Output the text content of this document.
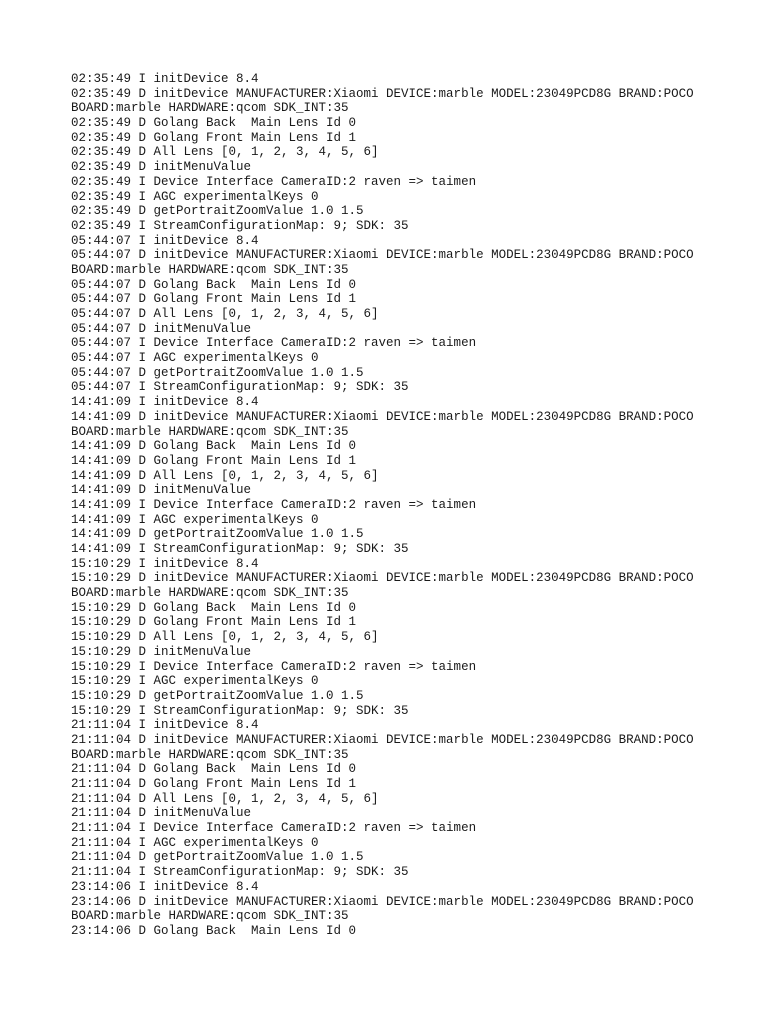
02:35:49 I initDevice 8.4
02:35:49 D initDevice MANUFACTURER:Xiaomi DEVICE:marble MODEL:23049PCD8G BRAND:POCO
BOARD:marble HARDWARE:qcom SDK_INT:35
02:35:49 D Golang Back  Main Lens Id 0
02:35:49 D Golang Front Main Lens Id 1
02:35:49 D All Lens [0, 1, 2, 3, 4, 5, 6]
02:35:49 D initMenuValue
02:35:49 I Device Interface CameraID:2 raven => taimen
02:35:49 I AGC experimentalKeys 0
02:35:49 D getPortraitZoomValue 1.0 1.5
02:35:49 I StreamConfigurationMap: 9; SDK: 35
05:44:07 I initDevice 8.4
05:44:07 D initDevice MANUFACTURER:Xiaomi DEVICE:marble MODEL:23049PCD8G BRAND:POCO
BOARD:marble HARDWARE:qcom SDK_INT:35
05:44:07 D Golang Back  Main Lens Id 0
05:44:07 D Golang Front Main Lens Id 1
05:44:07 D All Lens [0, 1, 2, 3, 4, 5, 6]
05:44:07 D initMenuValue
05:44:07 I Device Interface CameraID:2 raven => taimen
05:44:07 I AGC experimentalKeys 0
05:44:07 D getPortraitZoomValue 1.0 1.5
05:44:07 I StreamConfigurationMap: 9; SDK: 35
14:41:09 I initDevice 8.4
14:41:09 D initDevice MANUFACTURER:Xiaomi DEVICE:marble MODEL:23049PCD8G BRAND:POCO
BOARD:marble HARDWARE:qcom SDK_INT:35
14:41:09 D Golang Back  Main Lens Id 0
14:41:09 D Golang Front Main Lens Id 1
14:41:09 D All Lens [0, 1, 2, 3, 4, 5, 6]
14:41:09 D initMenuValue
14:41:09 I Device Interface CameraID:2 raven => taimen
14:41:09 I AGC experimentalKeys 0
14:41:09 D getPortraitZoomValue 1.0 1.5
14:41:09 I StreamConfigurationMap: 9; SDK: 35
15:10:29 I initDevice 8.4
15:10:29 D initDevice MANUFACTURER:Xiaomi DEVICE:marble MODEL:23049PCD8G BRAND:POCO
BOARD:marble HARDWARE:qcom SDK_INT:35
15:10:29 D Golang Back  Main Lens Id 0
15:10:29 D Golang Front Main Lens Id 1
15:10:29 D All Lens [0, 1, 2, 3, 4, 5, 6]
15:10:29 D initMenuValue
15:10:29 I Device Interface CameraID:2 raven => taimen
15:10:29 I AGC experimentalKeys 0
15:10:29 D getPortraitZoomValue 1.0 1.5
15:10:29 I StreamConfigurationMap: 9; SDK: 35
21:11:04 I initDevice 8.4
21:11:04 D initDevice MANUFACTURER:Xiaomi DEVICE:marble MODEL:23049PCD8G BRAND:POCO
BOARD:marble HARDWARE:qcom SDK_INT:35
21:11:04 D Golang Back  Main Lens Id 0
21:11:04 D Golang Front Main Lens Id 1
21:11:04 D All Lens [0, 1, 2, 3, 4, 5, 6]
21:11:04 D initMenuValue
21:11:04 I Device Interface CameraID:2 raven => taimen
21:11:04 I AGC experimentalKeys 0
21:11:04 D getPortraitZoomValue 1.0 1.5
21:11:04 I StreamConfigurationMap: 9; SDK: 35
23:14:06 I initDevice 8.4
23:14:06 D initDevice MANUFACTURER:Xiaomi DEVICE:marble MODEL:23049PCD8G BRAND:POCO
BOARD:marble HARDWARE:qcom SDK_INT:35
23:14:06 D Golang Back  Main Lens Id 0
